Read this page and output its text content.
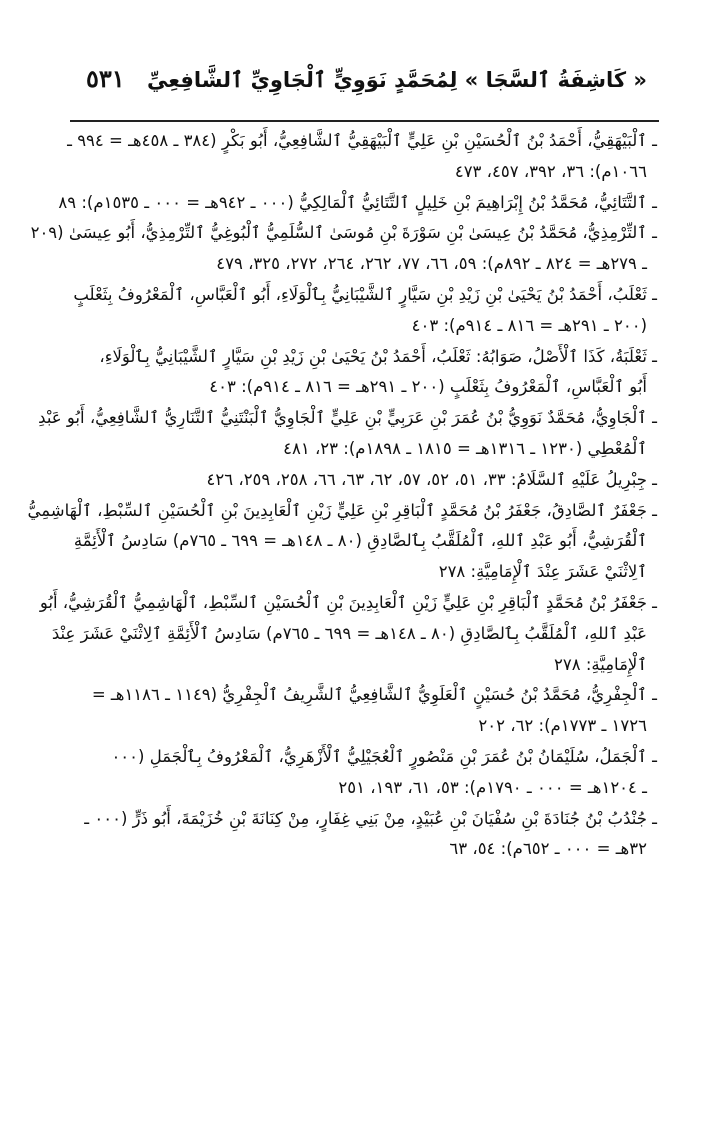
٥٣١	« كَاشِفَةُ ٱلسَّجَا » لِمُحَمَّدٍ نَوَوِيٍّ ٱلْجَاوِيِّ ٱلشَّافِعِيِّ
ـ ٱلْبَيْهَقِيُّ، أَحْمَدُ بْنُ ٱلْحُسَيْنِ بْنِ عَلِيٍّ ٱلْبَيْهَقِيُّ ٱلشَّافِعِيُّ، أَبُو بَكْرٍ (٣٨٤ ـ ٤٥٨هـ = ٩٩٤ ـ
١٠٦٦م): ٣٦، ٣٩٢، ٤٥٧، ٤٧٣
ـ ٱلتَّتَائِيُّ، مُحَمَّدُ بْنُ إِبْرَاهِيمَ بْنِ خَلِيلٍ ٱلتَّتَائِيُّ ٱلْمَالِكِيُّ (٠٠٠ ـ ٩٤٢هـ = ٠٠٠ ـ ١٥٣٥م): ٨٩
ـ ٱلتِّرْمِذِيُّ، مُحَمَّدُ بْنُ عِيسَىٰ بْنِ سَوْرَةَ بْنِ مُوسَىٰ ٱلسُّلَمِيُّ ٱلْبُوغِيُّ ٱلتِّرْمِذِيُّ، أَبُو عِيسَىٰ (٢٠٩
ـ ٢٧٩هـ = ٨٢٤ ـ ٨٩٢م): ٥٩، ٦٦، ٧٧، ٢٦٢، ٢٦٤، ٢٧٢، ٣٢٥، ٤٧٩
ـ ثَعْلَبُ، أَحْمَدُ بْنُ يَحْيَىٰ بْنِ زَيْدِ بْنِ سَيَّارٍ ٱلشَّيْبَانِيُّ بِٱلْوَلَاءِ، أَبُو ٱلْعَبَّاسِ، ٱلْمَعْرُوفُ بِثَعْلَبٍ
(٢٠٠ ـ ٢٩١هـ = ٨١٦ ـ ٩١٤م): ٤٠٣
ـ ثَعْلَبَةُ، كَذَا ٱلْأَصْلُ، صَوَابُهُ: ثَعْلَبُ، أَحْمَدُ بْنُ يَحْيَىٰ بْنِ زَيْدِ بْنِ سَيَّارٍ ٱلشَّيْبَانِيُّ بِٱلْوَلَاءِ،
أَبُو ٱلْعَبَّاسِ، ٱلْمَعْرُوفُ بِثَعْلَبٍ (٢٠٠ ـ ٢٩١هـ = ٨١٦ ـ ٩١٤م): ٤٠٣
ـ ٱلْجَاوِيُّ، مُحَمَّدٌ نَوَوِيُّ بْنُ عُمَرَ بْنِ عَرَبِيٍّ بْنِ عَلِيٍّ ٱلْجَاوِيُّ ٱلْبَنْتَنِيُّ ٱلتَّنَارِيُّ ٱلشَّافِعِيُّ، أَبُو عَبْدِ
ٱلْمُعْطِي (١٢٣٠ ـ ١٣١٦هـ = ١٨١٥ ـ ١٨٩٨م): ٢٣، ٤٨١
ـ جِبْرِيلُ عَلَيْهِ ٱلسَّلَامُ: ٣٣، ٥١، ٥٢، ٥٧، ٦٢، ٦٣، ٦٦، ٢٥٨، ٢٥٩، ٤٢٦
ـ جَعْفَرٌ ٱلصَّادِقُ، جَعْفَرُ بْنُ مُحَمَّدٍ ٱلْبَاقِرِ بْنِ عَلِيٍّ زَيْنِ ٱلْعَابِدِينَ بْنِ ٱلْحُسَيْنِ ٱلسِّبْطِ، ٱلْهَاشِمِيُّ
ٱلْقُرَشِيُّ، أَبُو عَبْدِ ٱللهِ، ٱلْمُلَقَّبُ بِٱلصَّادِقِ (٨٠ ـ ١٤٨هـ = ٦٩٩ ـ ٧٦٥م) سَادِسُ ٱلْأَئِمَّةِ
ٱلِاثْنَيْ عَشَرَ عِنْدَ ٱلْإِمَامِيَّةِ: ٢٧٨
ـ جَعْفَرُ بْنُ مُحَمَّدٍ ٱلْبَاقِرِ بْنِ عَلِيٍّ زَيْنِ ٱلْعَابِدِينَ بْنِ ٱلْحُسَيْنِ ٱلسِّبْطِ، ٱلْهَاشِمِيُّ ٱلْقُرَشِيُّ، أَبُو
عَبْدِ ٱللهِ، ٱلْمُلَقَّبُ بِٱلصَّادِقِ (٨٠ ـ ١٤٨هـ = ٦٩٩ ـ ٧٦٥م) سَادِسُ ٱلْأَئِمَّةِ ٱلِاثْنَيْ عَشَرَ عِنْدَ
ٱلْإِمَامِيَّةِ: ٢٧٨
ـ ٱلْجِفْرِيُّ، مُحَمَّدُ بْنُ حُسَيْنٍ ٱلْعَلَوِيُّ ٱلشَّافِعِيُّ ٱلشَّرِيفُ ٱلْجِفْرِيُّ (١١٤٩ ـ ١١٨٦هـ =
١٧٢٦ ـ ١٧٧٣م): ٦٢، ٢٠٢
ـ ٱلْجَمَلُ، سُلَيْمَانُ بْنُ عُمَرَ بْنِ مَنْصُورٍ ٱلْعُجَيْلِيُّ ٱلْأَزْهَرِيُّ، ٱلْمَعْرُوفُ بِٱلْجَمَلِ (٠٠٠
ـ ١٢٠٤هـ = ٠٠٠ ـ ١٧٩٠م): ٥٣، ٦١، ١٩٣، ٢٥١
ـ جُنْدُبُ بْنُ جُنَادَةَ بْنِ سُفْيَانَ بْنِ عُبَيْدٍ، مِنْ بَنِي غِفَارٍ، مِنْ كِنَانَةَ بْنِ خُزَيْمَةَ، أَبُو ذَرٍّ (٠٠٠ ـ
٣٢هـ = ٠٠٠ ـ ٦٥٢م): ٥٤، ٦٣
